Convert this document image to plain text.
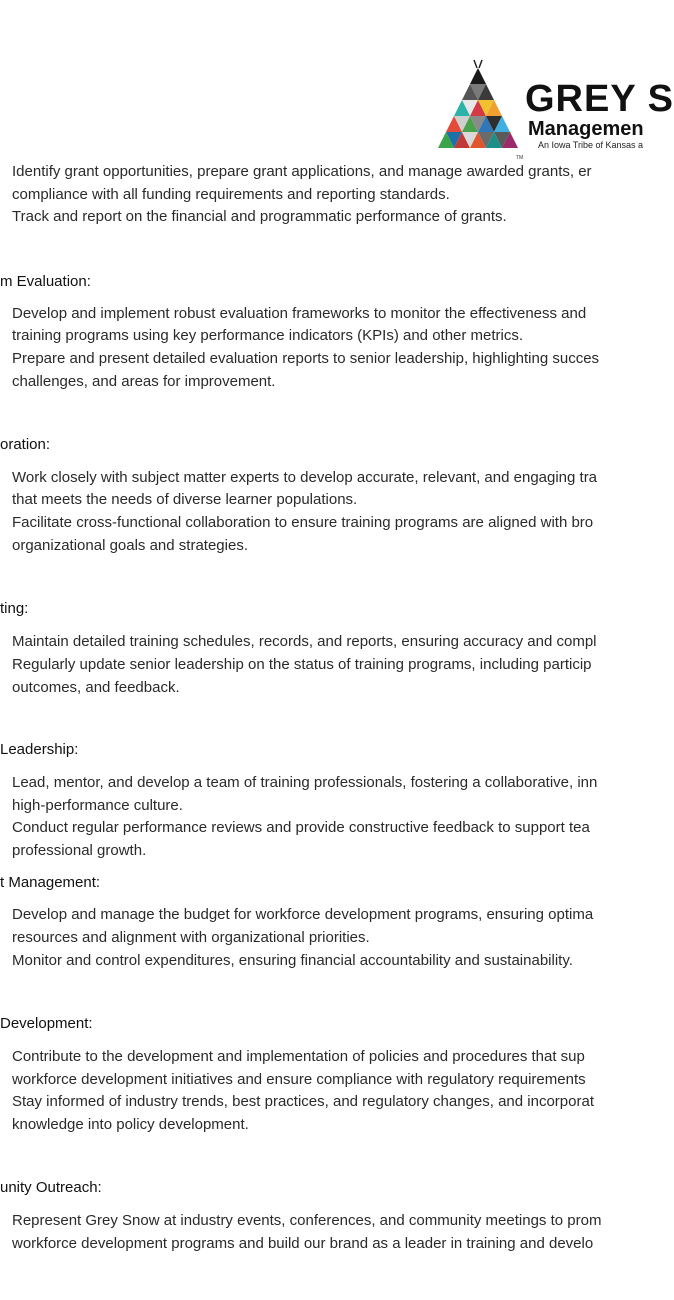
TM
GREY S
Managemen
An Iowa Tribe of Kansas a
Identify grant opportunities, prepare grant applications, and manage awarded grants, er
compliance with all funding requirements and reporting standards.
Track and report on the financial and programmatic performance of grants.
m Evaluation:
Develop and implement robust evaluation frameworks to monitor the effectiveness and
training programs using key performance indicators (KPIs) and other metrics.
Prepare and present detailed evaluation reports to senior leadership, highlighting succes
challenges, and areas for improvement.
oration:
Work closely with subject matter experts to develop accurate, relevant, and engaging tra
that meets the needs of diverse learner populations.
Facilitate cross-functional collaboration to ensure training programs are aligned with bro
organizational goals and strategies.
ting:
Maintain detailed training schedules, records, and reports, ensuring accuracy and compl
Regularly update senior leadership on the status of training programs, including particip
outcomes, and feedback.
Leadership:
Lead, mentor, and develop a team of training professionals, fostering a collaborative, inn
high-performance culture.
Conduct regular performance reviews and provide constructive feedback to support tea
professional growth.
t Management:
Develop and manage the budget for workforce development programs, ensuring optima
resources and alignment with organizational priorities.
Monitor and control expenditures, ensuring financial accountability and sustainability.
Development:
Contribute to the development and implementation of policies and procedures that sup
workforce development initiatives and ensure compliance with regulatory requirements
Stay informed of industry trends, best practices, and regulatory changes, and incorporat
knowledge into policy development.
unity Outreach:
Represent Grey Snow at industry events, conferences, and community meetings to prom
workforce development programs and build our brand as a leader in training and develo
